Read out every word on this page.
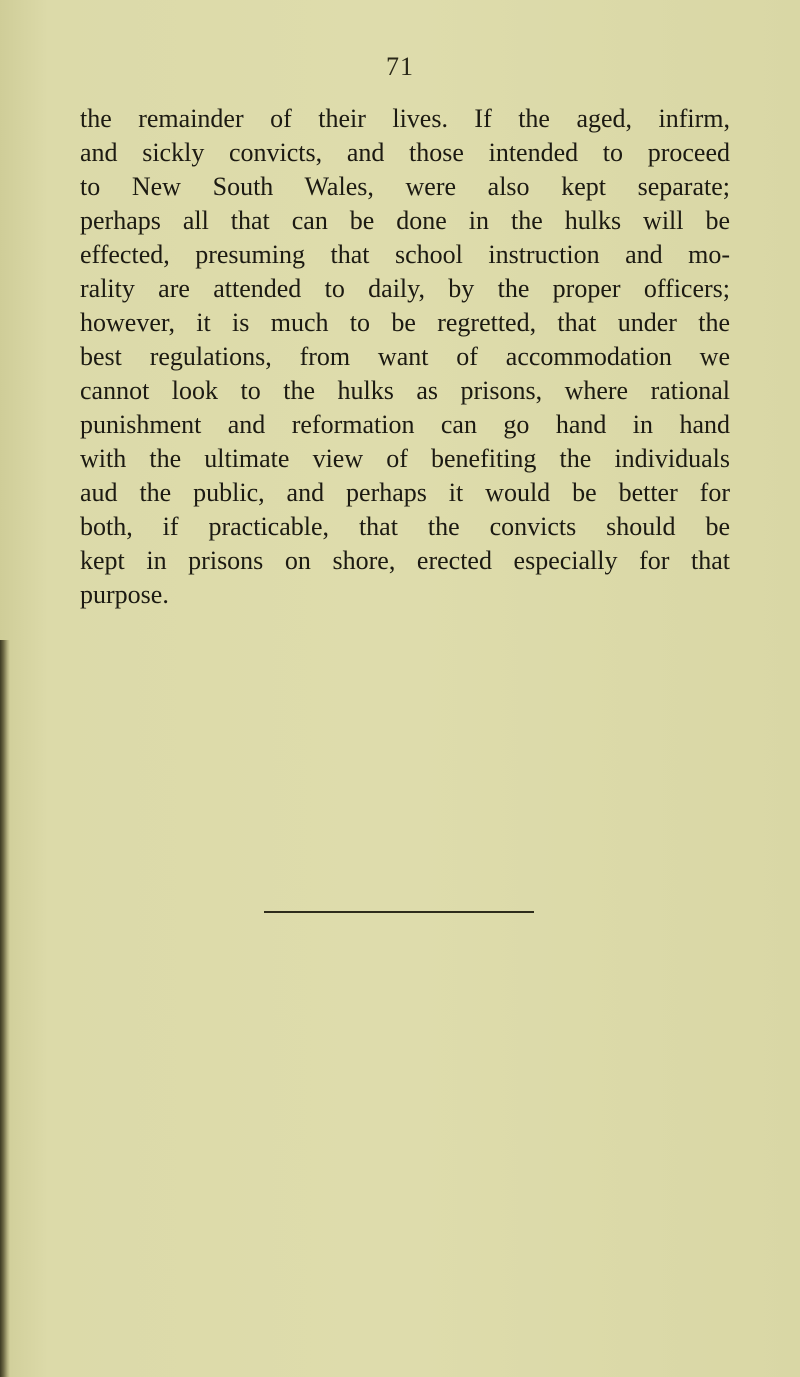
71
the remainder of their lives. If the aged, infirm,
and sickly convicts, and those intended to proceed
to New South Wales, were also kept separate;
perhaps all that can be done in the hulks will be
effected, presuming that school instruction and mo-
rality are attended to daily, by the proper officers;
however, it is much to be regretted, that under the
best regulations, from want of accommodation we
cannot look to the hulks as prisons, where rational
punishment and reformation can go hand in hand
with the ultimate view of benefiting the individuals
aud the public, and perhaps it would be better for
both, if practicable, that the convicts should be
kept in prisons on shore, erected especially for that
purpose.
